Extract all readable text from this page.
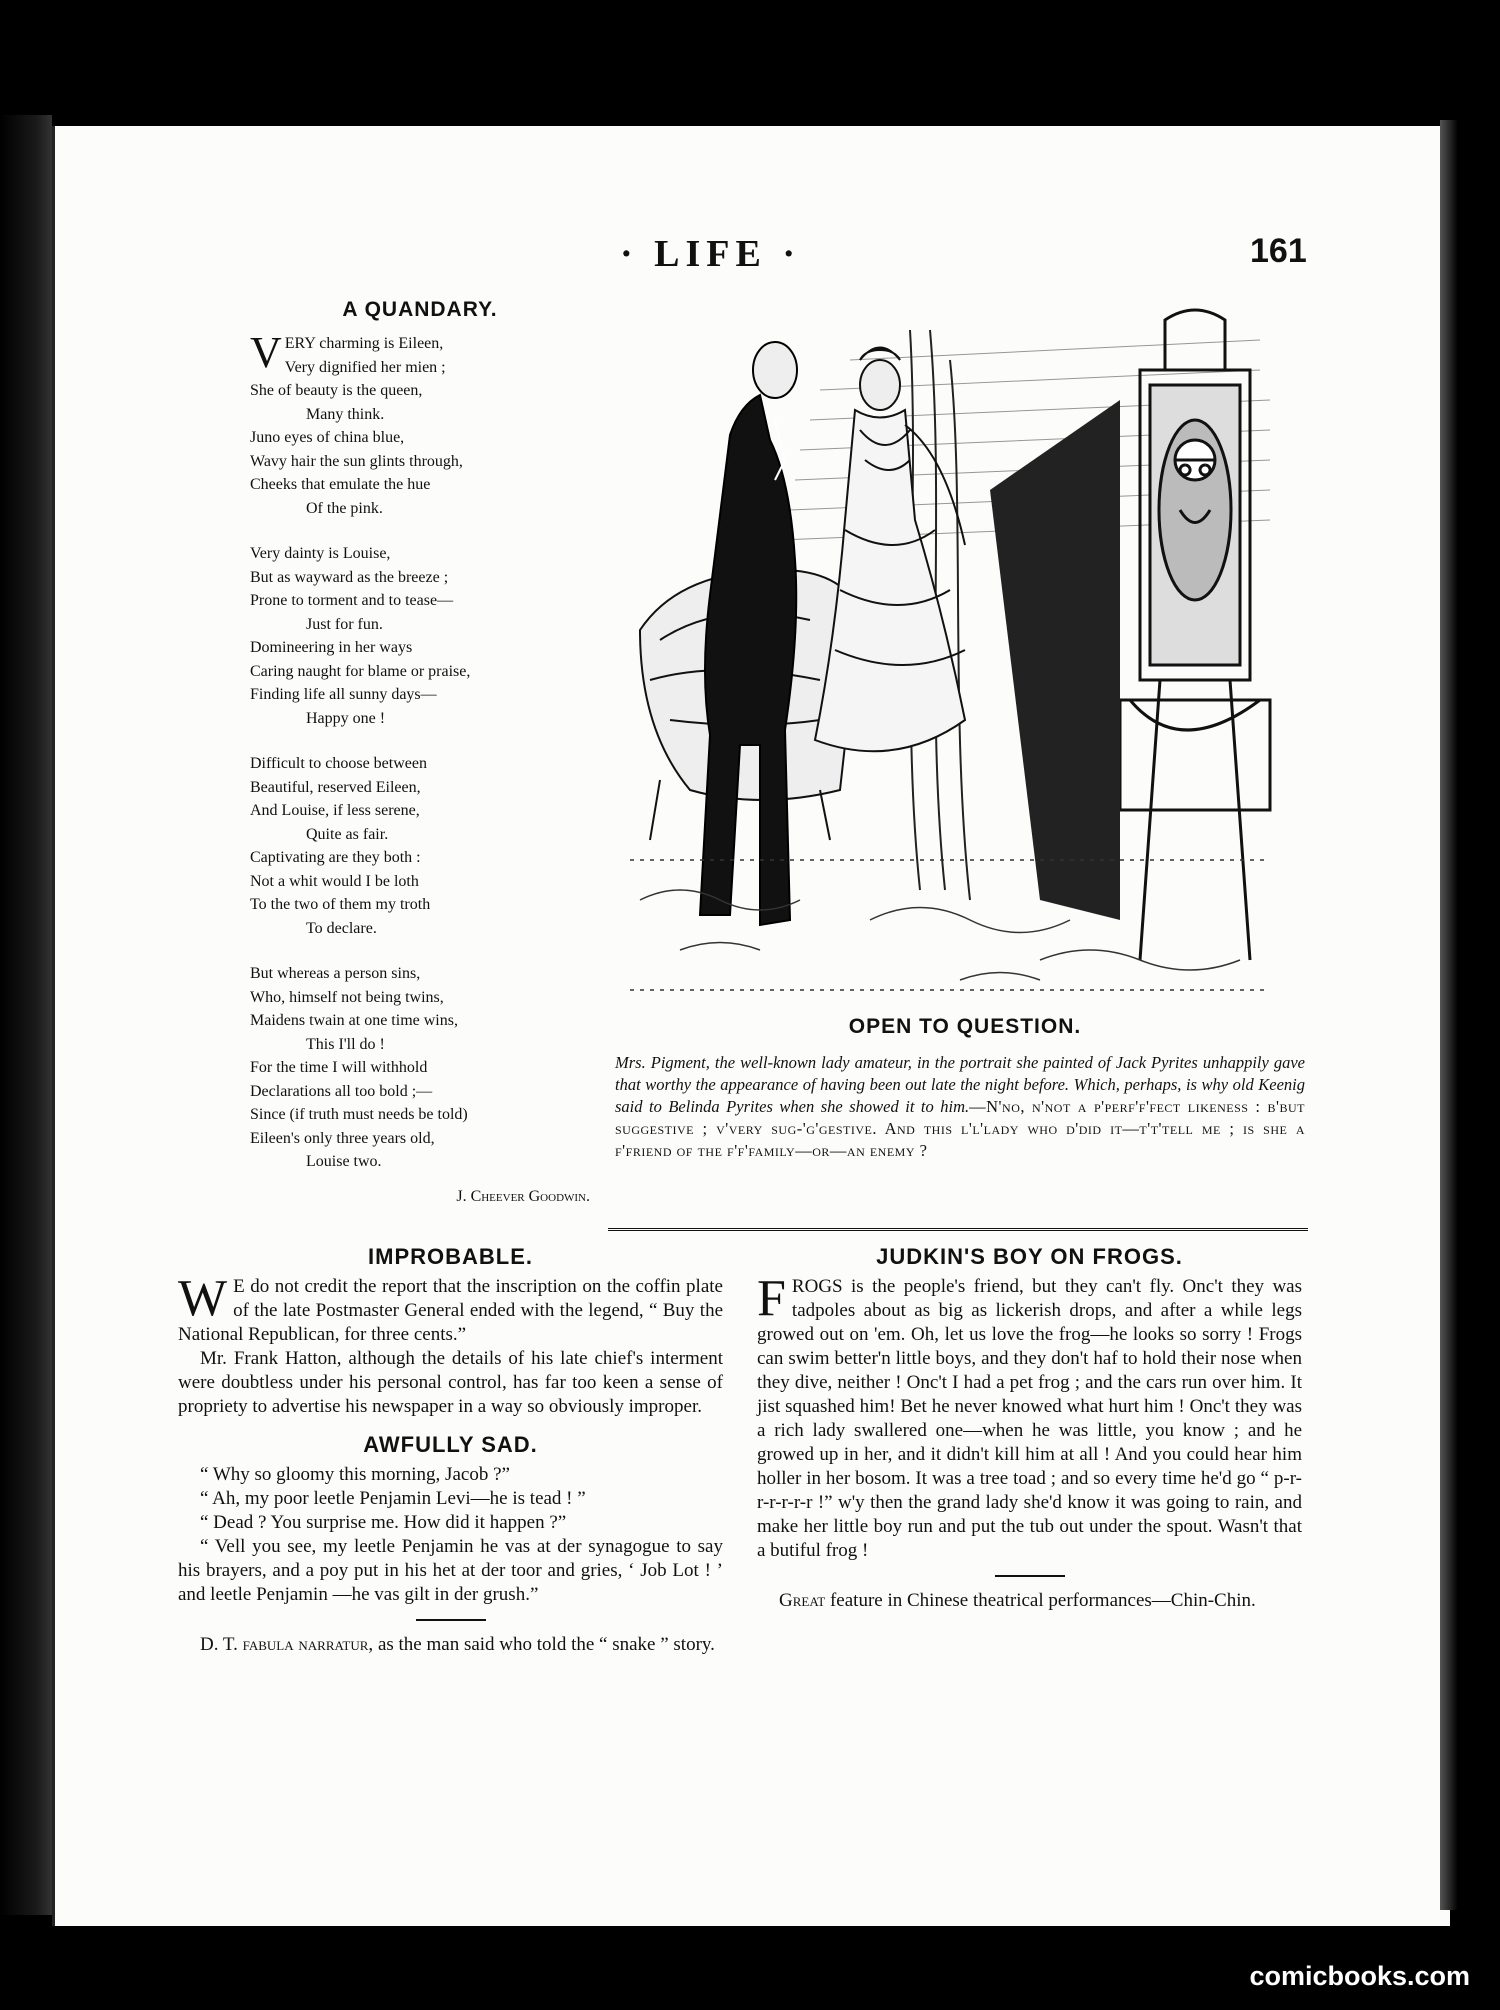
· LIFE ·	161
A QUANDARY.
V ERY charming is Eileen,
Very dignified her mien ;
She of beauty is the queen,
Many think.
Juno eyes of china blue,
Wavy hair the sun glints through,
Cheeks that emulate the hue
Of the pink.
Very dainty is Louise,
But as wayward as the breeze ;
Prone to torment and to tease—
Just for fun.
Domineering in her ways
Caring naught for blame or praise,
Finding life all sunny days—
Happy one !
Difficult to choose between
Beautiful, reserved Eileen,
And Louise, if less serene,
Quite as fair.
Captivating are they both :
Not a whit would I be loth
To the two of them my troth
To declare.
But whereas a person sins,
Who, himself not being twins,
Maidens twain at one time wins,
This I'll do !
For the time I will withhold
Declarations all too bold ;—
Since (if truth must needs be told)
Eileen's only three years old,
Louise two.
J. Cheever Goodwin.
OPEN TO QUESTION.
Mrs. Pigment, the well-known lady amateur, in the portrait she painted of Jack Pyrites unhappily gave that worthy the appearance of having been out late the night before. Which, perhaps, is why old Keenig said to Belinda Pyrites when she showed it to him.—N'no, n'not a p'perf'f'fect likeness : b'but suggestive ; v'very sug-'g'gestive. And this l'l'lady who d'did it—t't'tell me ; is she a f'friend of the f'f'family—or—an enemy ?
IMPROBABLE.

W E do not credit the report that the inscription on the coffin plate of the late Postmaster General ended with the legend, “ Buy the National Republican, for three cents.”

Mr. Frank Hatton, although the details of his late chief's interment were doubtless under his personal control, has far too keen a sense of propriety to advertise his newspaper in a way so obviously improper.

AWFULLY SAD.

“ Why so gloomy this morning, Jacob ?”

“ Ah, my poor leetle Penjamin Levi—he is tead ! ”

“ Dead ? You surprise me. How did it happen ?”

“ Vell you see, my leetle Penjamin he vas at der synagogue to say his brayers, and a poy put in his het at der toor and gries, ‘ Job Lot ! ’ and leetle Penjamin —he vas gilt in der grush.”

D. T. fabula narratur, as the man said who told the “ snake ” story.

JUDKIN'S BOY ON FROGS.

FROGS is the people's friend, but they can't fly. Onc't they was tadpoles about as big as lickerish drops, and after a while legs growed out on 'em. Oh, let us love the frog—he looks so sorry ! Frogs can swim better'n little boys, and they don't haf to hold their nose when they dive, neither ! Onc't I had a pet frog ; and the cars run over him. It jist squashed him! Bet he never knowed what hurt him ! Onc't they was a rich lady swallered one—when he was little, you know ; and he growed up in her, and it didn't kill him at all ! And you could hear him holler in her bosom. It was a tree toad ; and so every time he'd go “ p-r-r-r-r-r-r !” w'y then the grand lady she'd know it was going to rain, and make her little boy run and put the tub out under the spout. Wasn't that a butiful frog !

Great feature in Chinese theatrical performances—Chin-Chin.

comicbooks.com
